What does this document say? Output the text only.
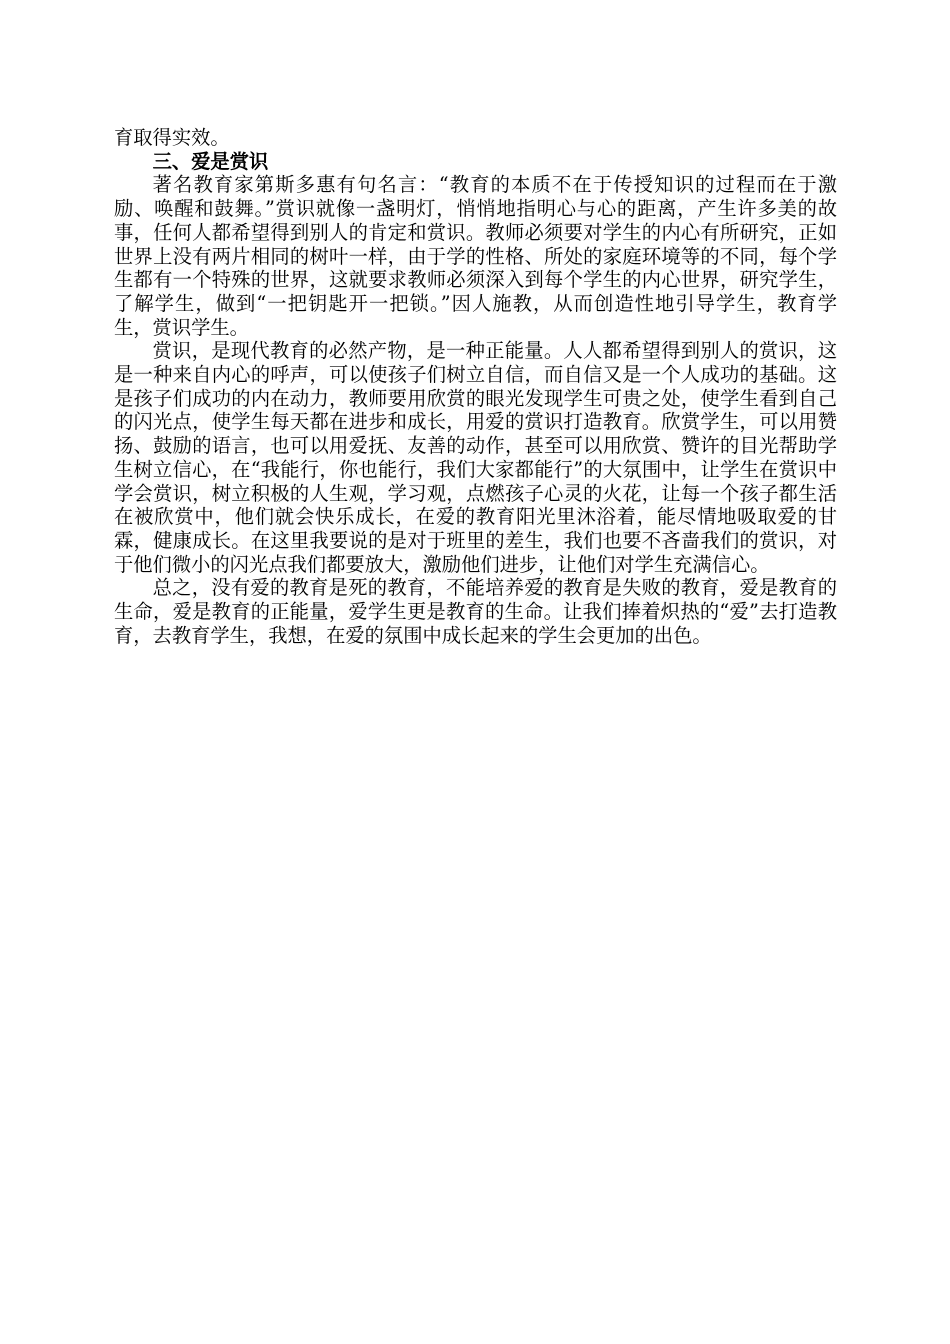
育取得实效。

三、爱是赏识

著名教育家第斯多惠有句名言：“教育的本质不在于传授知识的过程而在于激励、唤醒和鼓舞。”赏识就像一盏明灯，悄悄地指明心与心的距离，产生许多美的故事，任何人都希望得到别人的肯定和赏识。教师必须要对学生的内心有所研究，正如世界上没有两片相同的树叶一样，由于学的性格、所处的家庭环境等的不同，每个学生都有一个特殊的世界，这就要求教师必须深入到每个学生的内心世界，研究学生，了解学生，做到“一把钥匙开一把锁。”因人施教，从而创造性地引导学生，教育学生，赏识学生。

赏识，是现代教育的必然产物，是一种正能量。人人都希望得到别人的赏识，这是一种来自内心的呼声，可以使孩子们树立自信，而自信又是一个人成功的基础。这是孩子们成功的内在动力，教师要用欣赏的眼光发现学生可贵之处，使学生看到自己的闪光点，使学生每天都在进步和成长，用爱的赏识打造教育。欣赏学生，可以用赞扬、鼓励的语言，也可以用爱抚、友善的动作，甚至可以用欣赏、赞许的目光帮助学生树立信心，在“我能行，你也能行，我们大家都能行”的大氛围中，让学生在赏识中学会赏识，树立积极的人生观，学习观，点燃孩子心灵的火花，让每一个孩子都生活在被欣赏中，他们就会快乐成长，在爱的教育阳光里沐浴着，能尽情地吸取爱的甘霖，健康成长。在这里我要说的是对于班里的差生，我们也要不吝啬我们的赏识，对于他们微小的闪光点我们都要放大，激励他们进步，让他们对学生充满信心。

总之，没有爱的教育是死的教育，不能培养爱的教育是失败的教育，爱是教育的生命，爱是教育的正能量，爱学生更是教育的生命。让我们捧着炽热的“爱”去打造教育，去教育学生，我想，在爱的氛围中成长起来的学生会更加的出色。
